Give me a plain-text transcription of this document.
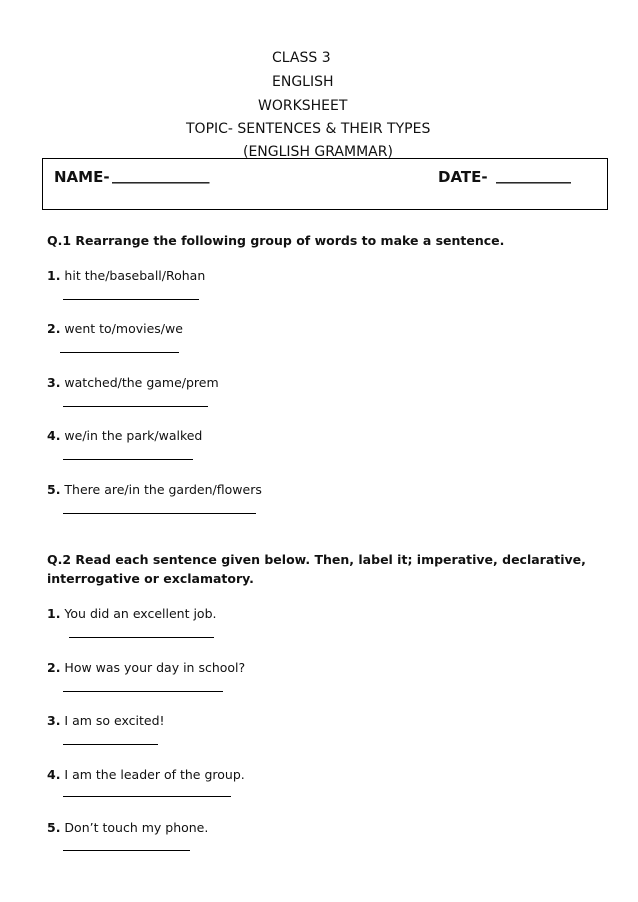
CLASS 3
ENGLISH
WORKSHEET
TOPIC- SENTENCES & THEIR TYPES
(ENGLISH GRAMMAR)
NAME- _____________	DATE- __________
Q.1 Rearrange the following group of words to make a sentence.
1. hit the/baseball/Rohan
2. went to/movies/we
3. watched/the game/prem
4. we/in the park/walked
5. There are/in the garden/flowers
Q.2 Read each sentence given below. Then, label it; imperative, declarative,
interrogative or exclamatory.
1. You did an excellent job.
2. How was your day in school?
3. I am so excited!
4. I am the leader of the group.
5. Don’t touch my phone.
